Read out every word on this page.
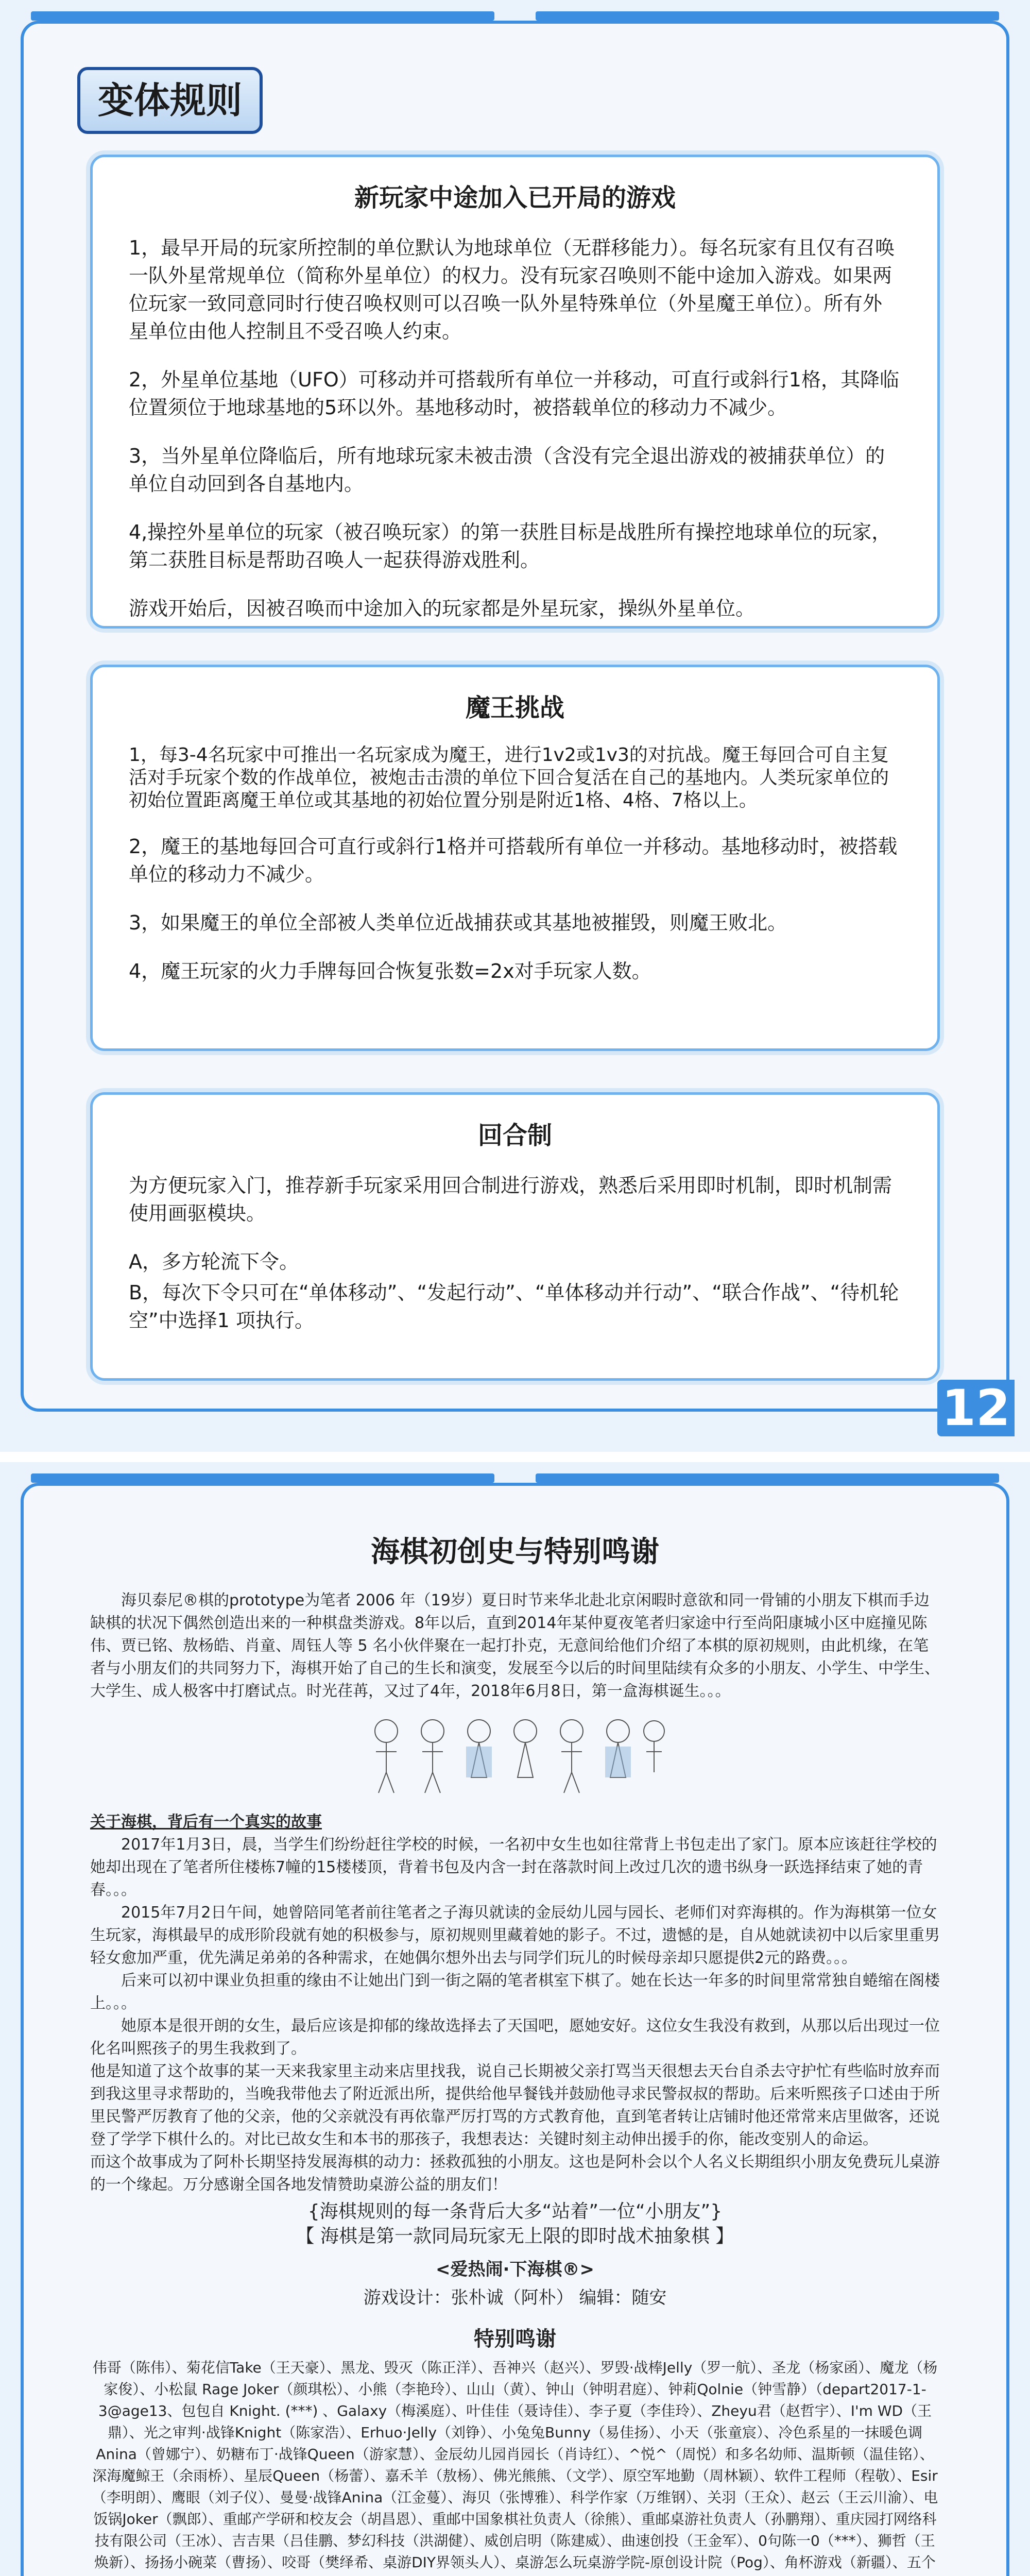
变体规则
新玩家中途加入已开局的游戏

1，最早开局的玩家所控制的单位默认为地球单位（无群移能力）。每名玩家有且仅有召唤一队外星常规单位（简称外星单位）的权力。没有玩家召唤则不能中途加入游戏。如果两位玩家一致同意同时行使召唤权则可以召唤一队外星特殊单位（外星魔王单位）。所有外星单位由他人控制且不受召唤人约束。

2，外星单位基地（UFO）可移动并可搭载所有单位一并移动，可直行或斜行1格，其降临位置须位于地球基地的5环以外。基地移动时，被搭载单位的移动力不减少。

3，当外星单位降临后，所有地球玩家未被击溃（含没有完全退出游戏的被捕获单位）的单位自动回到各自基地内。

4,操控外星单位的玩家（被召唤玩家）的第一获胜目标是战胜所有操控地球单位的玩家，第二获胜目标是帮助召唤人一起获得游戏胜利。

游戏开始后，因被召唤而中途加入的玩家都是外星玩家，操纵外星单位。

魔王挑战

1，每3-4名玩家中可推出一名玩家成为魔王，进行1v2或1v3的对抗战。魔王每回合可自主复活对手玩家个数的作战单位，被炮击击溃的单位下回合复活在自己的基地内。人类玩家单位的初始位置距离魔王单位或其基地的初始位置分别是附近1格、4格、7格以上。

2，魔王的基地每回合可直行或斜行1格并可搭载所有单位一并移动。基地移动时，被搭载单位的移动力不减少。

3，如果魔王的单位全部被人类单位近战捕获或其基地被摧毁，则魔王败北。

4，魔王玩家的火力手牌每回合恢复张数=2x对手玩家人数。

回合制

为方便玩家入门，推荐新手玩家采用回合制进行游戏，熟悉后采用即时机制，即时机制需使用画驱模块。

A，多方轮流下令。

B，每次下令只可在“单体移动”、“发起行动”、“单体移动并行动”、“联合作战”、“待机轮空”中选择1 项执行。

12
海棋初创史与特别鸣谢
海贝泰尼®棋的prototype为笔者 2006 年（19岁）夏日时节来华北赴北京闲暇时意欲和同一骨铺的小朋友下棋而手边缺棋的状况下偶然创造出来的一种棋盘类游戏。8年以后，直到2014年某仲夏夜笔者归家途中行至尚阳康城小区中庭撞见陈伟、贾已铭、敖杨皓、肖童、周钰人等 5 名小伙伴聚在一起打扑克，无意间给他们介绍了本棋的原初规则，由此机缘，在笔者与小朋友们的共同努力下，海棋开始了自己的生长和演变，发展至今以后的时间里陆续有众多的小朋友、小学生、中学生、大学生、成人极客中打磨试点。时光荏苒，又过了4年，2018年6月8日，第一盒海棋诞生。。。
关于海棋，背后有一个真实的故事
2017年1月3日，晨，当学生们纷纷赶往学校的时候，一名初中女生也如往常背上书包走出了家门。原本应该赶往学校的她却出现在了笔者所住楼栋7幢的15楼楼顶，背着书包及内含一封在落款时间上改过几次的遗书纵身一跃选择结束了她的青春。。。
2015年7月2日午间，她曾陪同笔者前往笔者之子海贝就读的金辰幼儿园与园长、老师们对弈海棋的。作为海棋第一位女生玩家，海棋最早的成形阶段就有她的积极参与，原初规则里藏着她的影子。不过，遗憾的是，自从她就读初中以后家里重男轻女愈加严重，优先满足弟弟的各种需求，在她偶尔想外出去与同学们玩儿的时候母亲却只愿提供2元的路费。。。
后来可以初中课业负担重的缘由不让她出门到一街之隔的笔者棋室下棋了。她在长达一年多的时间里常常独自蜷缩在阁楼上。。。
她原本是很开朗的女生，最后应该是抑郁的缘故选择去了天国吧，愿她安好。这位女生我没有救到，从那以后出现过一位化名叫熙孩子的男生我救到了。
他是知道了这个故事的某一天来我家里主动来店里找我，说自己长期被父亲打骂当天很想去天台自杀去守护忙有些临时放弃而到我这里寻求帮助的，当晚我带他去了附近派出所，提供给他早餐钱并鼓励他寻求民警叔叔的帮助。后来听熙孩子口述由于所里民警严厉教育了他的父亲，他的父亲就没有再依靠严厉打骂的方式教育他，直到笔者转让店铺时他还常常来店里做客，还说登了学学下棋什么的。对比已故女生和本书的那孩子，我想表达：关键时刻主动伸出援手的你，能改变别人的命运。
而这个故事成为了阿朴长期坚持发展海棋的动力：拯救孤独的小朋友。这也是阿朴会以个人名义长期组织小朋友免费玩儿桌游的一个缘起。万分感谢全国各地发情赞助桌游公益的朋友们！
{海棋规则的每一条背后大多“站着”一位“小朋友”}
【 海棋是第一款同局玩家无上限的即时战术抽象棋 】
<爱热闹·下海棋®>
游戏设计：张朴诚（阿朴） 编辑：随安
特别鸣谢
伟哥（陈伟）、菊花信Take（王天豪）、黑龙、毁灭（陈正洋）、吾神兴（赵兴）、罗毁·战棒Jelly（罗一航）、圣龙（杨家函）、魔龙（杨家俊）、小松鼠 Rage Joker（颜琪松）、小熊（李艳玲）、山山（黄）、钟山（钟明君庭）、钟莉Qolnie（钟雪静）（depart2017-1-3@age13、包包自 Knight. (***) 、Galaxy（梅溪庭）、叶佳佳（聂诗佳）、李子夏（李佳玲）、Zheyu君（赵哲宇）、I'm WD（王鼎）、光之审判·战锋Knight（陈家浩）、Erhuo·Jelly（刘铮）、小兔兔Bunny（易佳扬）、小天（张童宸）、冷色系星的一抹暖色调 Anina（曾娜宁）、奶糖布丁·战锋Queen（游家慧）、金辰幼儿园肖园长（肖诗红）、^悦^（周悦）和多名幼师、温斯顿（温佳铭）、深海魔鲸王（余雨桥）、星辰Queen（杨蕾）、嘉禾羊（敖杨）、佛光熊熊、（文学）、原空军地勤（周林颖）、软件工程师（程敬）、Esir（李明朗）、鹰眼（刘子仪）、曼曼·战锋Anina（江金蔓）、海贝（张博雅）、科学作家（万维钢）、关羽（王众）、赵云（王云川渝）、电饭锅Joker（飘郎）、重邮产学研和校友会（胡昌恩）、重邮中国象棋社负责人（徐熊）、重邮桌游社负责人（孙鹏翔）、重庆园打网络科技有限公司（王冰）、吉吉果（吕佳鹏、梦幻科技（洪湖健）、威创启明（陈建威）、曲速创投（王金军）、0句陈一0（***）、狮哲（王焕新）、扬扬小碗菜（曹扬）、咬哥（樊绎希、桌游DIY界领头人）、桌游怎么玩桌游学院-原创设计院（Pog）、角杯游戏（新疆）、五个
